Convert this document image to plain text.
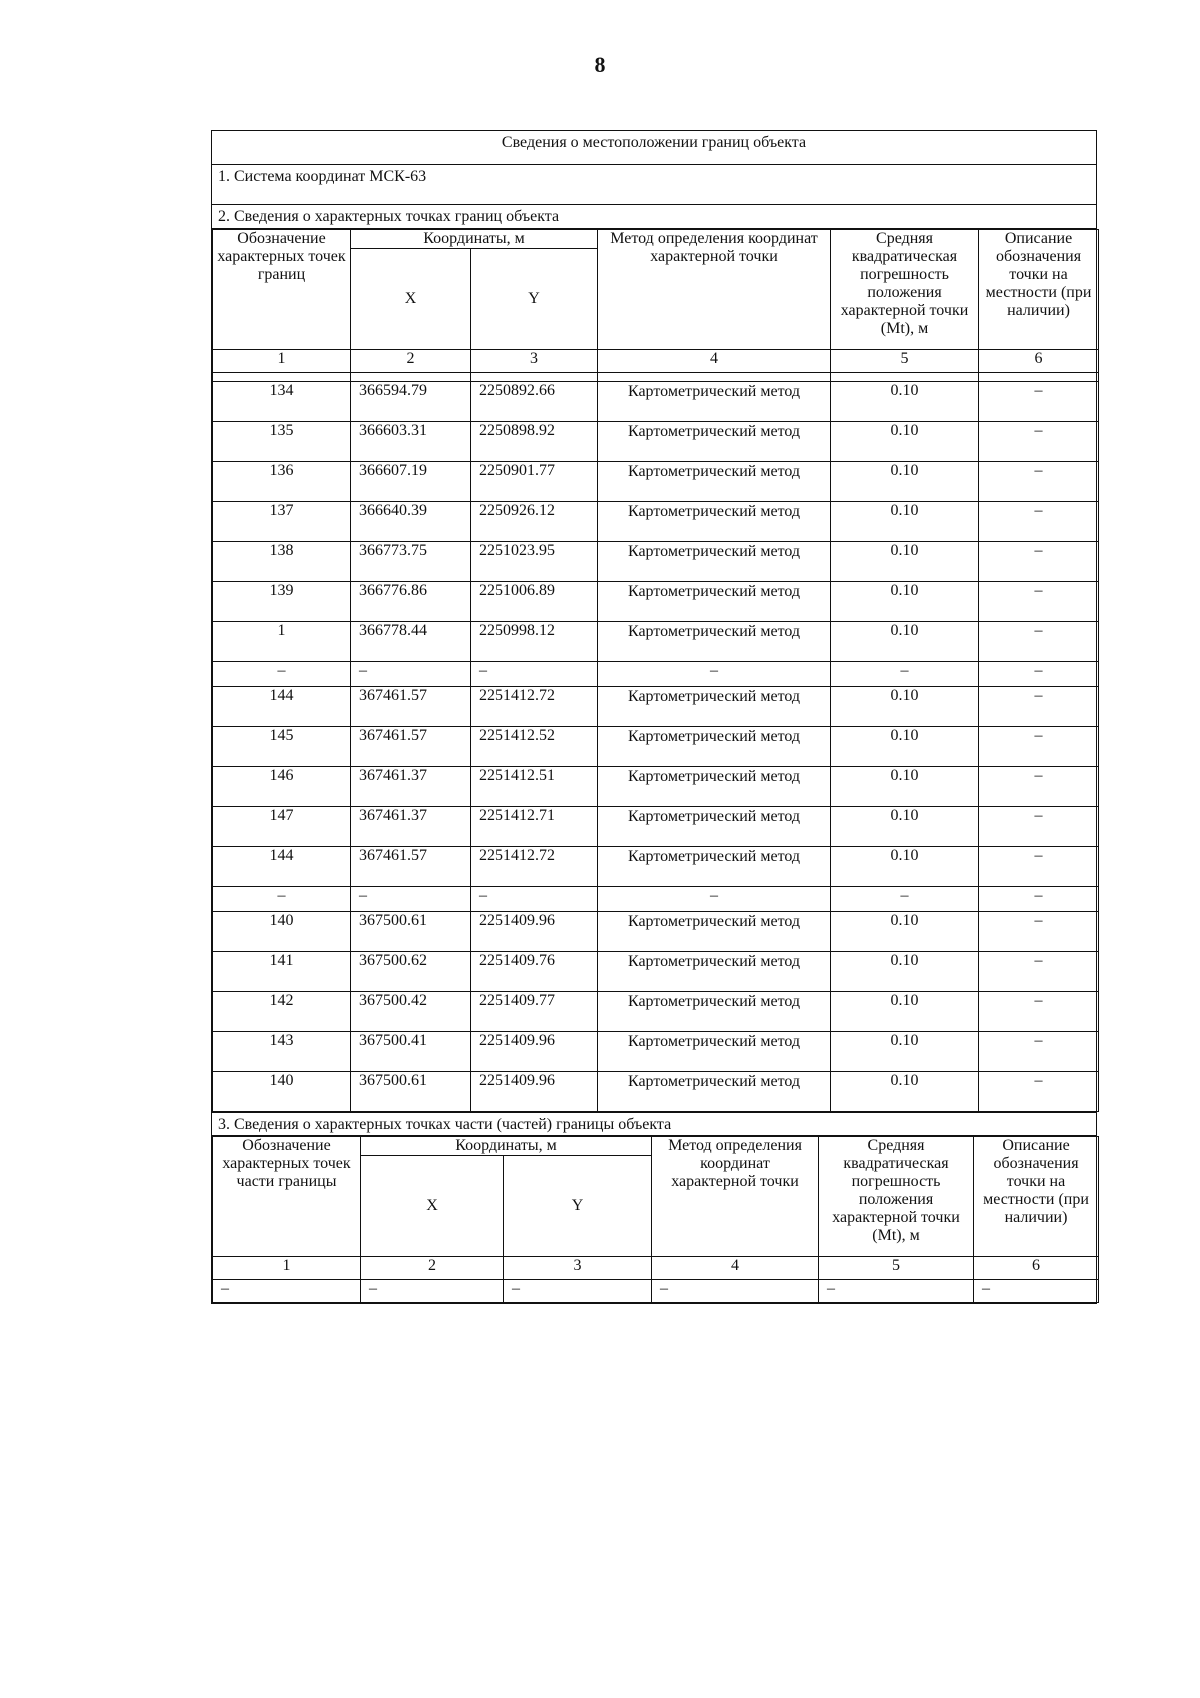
8
Сведения о местоположении границ объекта
1. Система координат МСК-63
2. Сведения о характерных точках границ объекта
Обозначение характерных точек границ	Координаты, м		Метод определения координат характерной точки	Средняя квадратическая погрешность положения характерной точки (Mt), м	Описание обозначения точки на местности (при наличии)
	X	Y			
1	2	3	4	5	6

134	366594.79	2250892.66	Картометрический метод	0.10	–
135	366603.31	2250898.92	Картометрический метод	0.10	–
136	366607.19	2250901.77	Картометрический метод	0.10	–
137	366640.39	2250926.12	Картометрический метод	0.10	–
138	366773.75	2251023.95	Картометрический метод	0.10	–
139	366776.86	2251006.89	Картометрический метод	0.10	–
1	366778.44	2250998.12	Картометрический метод	0.10	–
–	–	–	–	–	–
144	367461.57	2251412.72	Картометрический метод	0.10	–
145	367461.57	2251412.52	Картометрический метод	0.10	–
146	367461.37	2251412.51	Картометрический метод	0.10	–
147	367461.37	2251412.71	Картометрический метод	0.10	–
144	367461.57	2251412.72	Картометрический метод	0.10	–
–	–	–	–	–	–
140	367500.61	2251409.96	Картометрический метод	0.10	–
141	367500.62	2251409.76	Картометрический метод	0.10	–
142	367500.42	2251409.77	Картометрический метод	0.10	–
143	367500.41	2251409.96	Картометрический метод	0.10	–
140	367500.61	2251409.96	Картометрический метод	0.10	–
3. Сведения о характерных точках части (частей) границы объекта
Обозначение характерных точек части границы	Координаты, м		Метод определения координат характерной точки	Средняя квадратическая погрешность положения характерной точки (Mt), м	Описание обозначения точки на местности (при наличии)
	X	Y			
1	2	3	4	5	6
–	–	–	–	–	–
